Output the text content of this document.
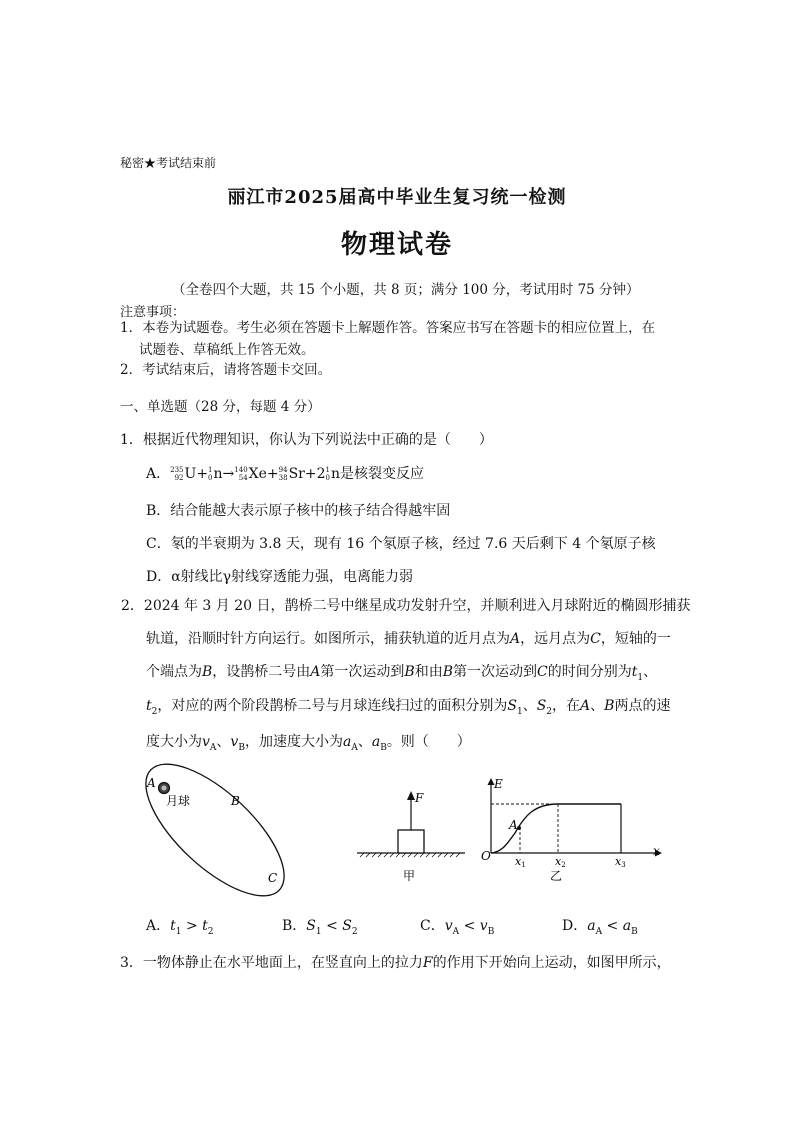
秘密★考试结束前
丽江市2025届高中毕业生复习统一检测
物理试卷
（全卷四个大题，共 15 个小题，共 8 页；满分 100 分，考试用时 75 分钟）
注意事项：
1．本卷为试题卷。考生必须在答题卡上解题作答。答案应书写在答题卡的相应位置上，在
试题卷、草稿纸上作答无效。
2．考试结束后，请将答题卡交回。
一、单选题（28 分，每题 4 分）
1．根据近代物理知识，你认为下列说法中正确的是（　　）
A． 235
92 U+ 1
0 n→ 140
54 Xe+ 94
38 Sr+2 1
0 n是核裂变反应
B．结合能越大表示原子核中的核子结合得越牢固
C．氡的半衰期为 3.8 天，现有 16 个氡原子核，经过 7.6 天后剩下 4 个氡原子核
D．α射线比γ射线穿透能力强，电离能力弱
2．2024 年 3 月 20 日，鹊桥二号中继星成功发射升空，并顺利进入月球附近的椭圆形捕获
轨道，沿顺时针方向运行。如图所示，捕获轨道的近月点为A，远月点为C，短轴的一
个端点为B，设鹊桥二号由A第一次运动到B和由B第一次运动到C的时间分别为$t_1$、
$t_2$，对应的两个阶段鹊桥二号与月球连线扫过的面积分别为$S_1$、$S_2$，在A、B两点的速
度大小为$v_A$、$v_B$，加速度大小为$a_A$、$a_B$。则（　　）
A
月球	B
C
F
甲
E
O	x
A
x1	x2	x3
乙
A．$t_1 > t_2$	B．$S_1 < S_2$	C．$v_A < v_B$	D．$a_A < a_B$
3．一物体静止在水平地面上，在竖直向上的拉力F的作用下开始向上运动，如图甲所示，
